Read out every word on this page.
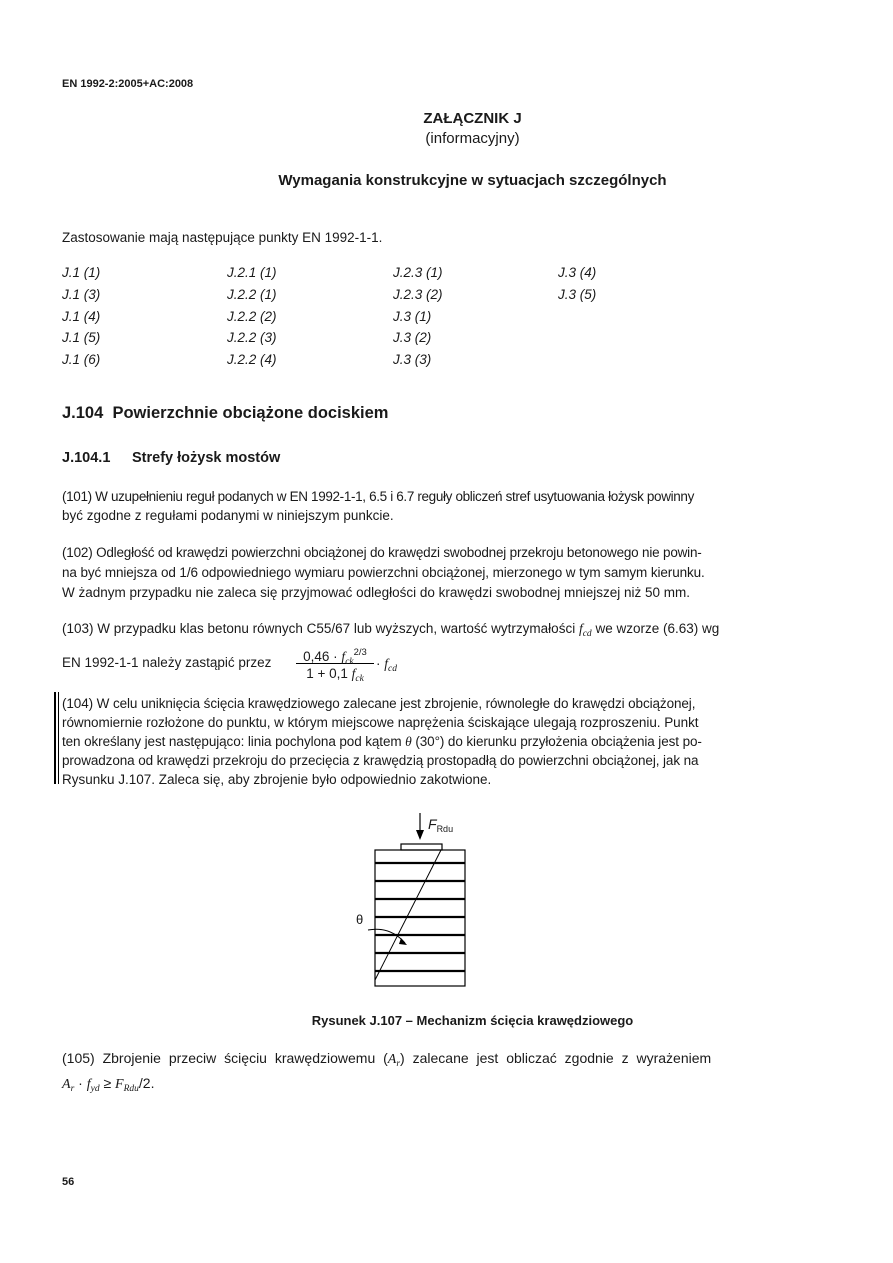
EN 1992-2:2005+AC:2008
ZAŁĄCZNIK J
(informacyjny)
Wymagania konstrukcyjne w sytuacjach szczególnych
Zastosowanie mają następujące punkty EN 1992-1-1.
J.1 (1)
J.1 (3)
J.1 (4)
J.1 (5)
J.1 (6)
J.2.1 (1)
J.2.2 (1)
J.2.2 (2)
J.2.2 (3)
J.2.2 (4)
J.2.3 (1)
J.2.3 (2)
J.3 (1)
J.3 (2)
J.3 (3)
J.3 (4)
J.3 (5)
J.104 Powierzchnie obciążone dociskiem
J.104.1 Strefy łożysk mostów
(101) W uzupełnieniu reguł podanych w EN 1992-1-1, 6.5 i 6.7 reguły obliczeń stref usytuowania łożysk powinny
być zgodne z regułami podanymi w niniejszym punkcie.
(102) Odległość od krawędzi powierzchni obciążonej do krawędzi swobodnej przekroju betonowego nie powin-
na być mniejsza od 1/6 odpowiedniego wymiaru powierzchni obciążonej, mierzonego w tym samym kierunku.
W żadnym przypadku nie zaleca się przyjmować odległości do krawędzi swobodnej mniejszej niż 50 mm.
(103) W przypadku klas betonu równych C55/67 lub wyższych, wartość wytrzymałości $f_{cd}$ we wzorze (6.63) wg
EN 1992-1-1 należy zastąpić przez	$0,46 \cdot f_{ck}^{2/3}$
1 + 0,1 $f_{ck}$
· $f_{cd}$
(104) W celu uniknięcia ścięcia krawędziowego zalecane jest zbrojenie, równoległe do krawędzi obciążonej,
równomiernie rozłożone do punktu, w którym miejscowe naprężenia ściskające ulegają rozproszeniu. Punkt
ten określany jest następująco: linia pochylona pod kątem θ (30°) do kierunku przyłożenia obciążenia jest po-
prowadzona od krawędzi przekroju do przecięcia z krawędzią prostopadłą do powierzchni obciążonej, jak na
Rysunku J.107. Zaleca się, aby zbrojenie było odpowiednio zakotwione.
$F_{Rdu}$
θ
Rysunek J.107 – Mechanizm ścięcia krawędziowego
(105) Zbrojenie przeciw ścięciu krawędziowemu $(A_r)$ zalecane jest obliczać zgodnie z wyrażeniem
$A_r \cdot f_{yd} \ge F_{Rdu}/2$.
56
